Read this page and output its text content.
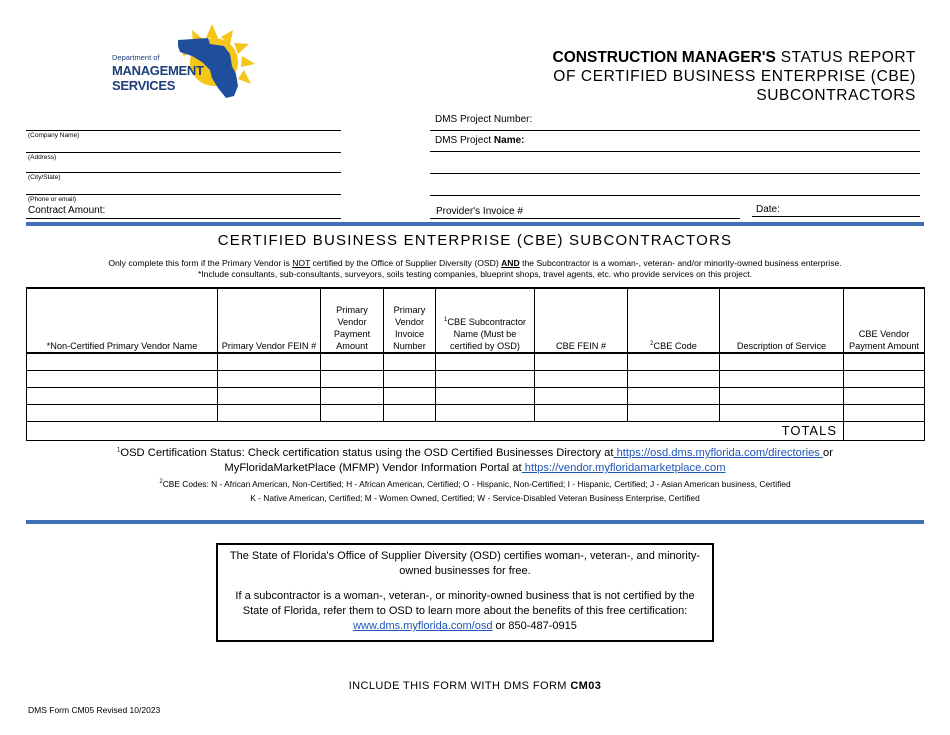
Department of
MANAGEMENT
SERVICES
CONSTRUCTION MANAGER'S STATUS REPORT
OF CERTIFIED BUSINESS ENTERPRISE (CBE)
SUBCONTRACTORS
(Company Name)
(Address)
(City/State)
(Phone or email)
Contract Amount:
DMS Project Number:
DMS Project Name:
Provider's Invoice #	Date:
CERTIFIED BUSINESS ENTERPRISE (CBE) SUBCONTRACTORS
Only complete this form if the Primary Vendor is NOT certified by the Office of Supplier Diversity (OSD) AND the Subcontractor is a woman-, veteran- and/or minority-owned business enterprise.
*Include consultants, sub-consultants, surveyors, soils testing companies, blueprint shops, travel agents, etc. who provide services on this project.
*Non-Certified Primary Vendor Name	Primary Vendor FEIN #	Primary Vendor Payment Amount	Primary Vendor Invoice Number	$^1$CBE Subcontractor Name (Must be certified by OSD)	CBE FEIN #	$^2$CBE Code	Description of Service	CBE Vendor Payment Amount

TOTALS								
$^1$OSD Certification Status: Check certification status using the OSD Certified Businesses Directory at https://osd.dms.myflorida.com/directories or
MyFloridaMarketPlace (MFMP) Vendor Information Portal at https://vendor.myfloridamarketplace.com
$^2$CBE Codes: N - African American, Non-Certified; H - African American, Certified; O - Hispanic, Non-Certified; I - Hispanic, Certified; J - Asian American business, Certified
K - Native American, Certified; M - Women Owned, Certified; W - Service-Disabled Veteran Business Enterprise, Certified
The State of Florida's Office of Supplier Diversity (OSD) certifies woman-, veteran-, and minority-owned businesses for free.
If a subcontractor is a woman-, veteran-, or minority-owned business that is not certified by the State of Florida, refer them to OSD to learn more about the benefits of this free certification:
www.dms.myflorida.com/osd or 850-487-0915
INCLUDE THIS FORM WITH DMS FORM CM03
DMS Form CM05 Revised 10/2023
